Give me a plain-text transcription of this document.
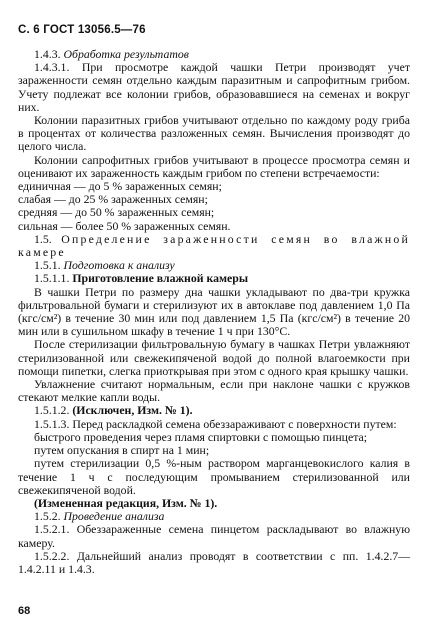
С. 6 ГОСТ 13056.5—76

1.4.3. Обработка результатов

1.4.3.1. При просмотре каждой чашки Петри производят учет зараженности семян отдельно каждым паразитным и сапрофитным грибом. Учету подлежат все колонии грибов, образовавшиеся на семенах и вокруг них.

Колонии паразитных грибов учитывают отдельно по каждому роду гриба в процентах от количества разложенных семян. Вычисления производят до целого числа.

Колонии сапрофитных грибов учитывают в процессе просмотра семян и оценивают их зараженность каждым грибом по степени встречаемости:

единичная — до 5 % зараженных семян;

слабая — до 25 % зараженных семян;

средняя — до 50 % зараженных семян;

сильная — более 50 % зараженных семян.

1.5. Определение зараженности семян во влажной камере

1.5.1. Подготовка к анализу

1.5.1.1. Приготовление влажной камеры

В чашки Петри по размеру дна чашки укладывают по два-три кружка фильтровальной бумаги и стерилизуют их в автоклаве под давлением 1,0 Па (кгс/см²) в течение 30 мин или под давлением 1,5 Па (кгс/см²) в течение 20 мин или в сушильном шкафу в течение 1 ч при 130°С.

После стерилизации фильтровальную бумагу в чашках Петри увлажняют стерилизованной или свежекипяченой водой до полной влагоемкости при помощи пипетки, слегка приоткрывая при этом с одного края крышку чашки.

Увлажнение считают нормальным, если при наклоне чашки с кружков стекают мелкие капли воды.

1.5.1.2. (Исключен, Изм. № 1).

1.5.1.3. Перед раскладкой семена обеззараживают с поверхности путем:

быстрого проведения через пламя спиртовки с помощью пинцета;

путем опускания в спирт на 1 мин;

путем стерилизации 0,5 %-ным раствором марганцевокислого калия в течение 1 ч с последующим промыванием стерилизованной или свежекипяченой водой.

(Измененная редакция, Изм. № 1).

1.5.2. Проведение анализа

1.5.2.1. Обеззараженные семена пинцетом раскладывают во влажную камеру.

1.5.2.2. Дальнейший анализ проводят в соответствии с пп. 1.4.2.7—1.4.2.11 и 1.4.3.

68
